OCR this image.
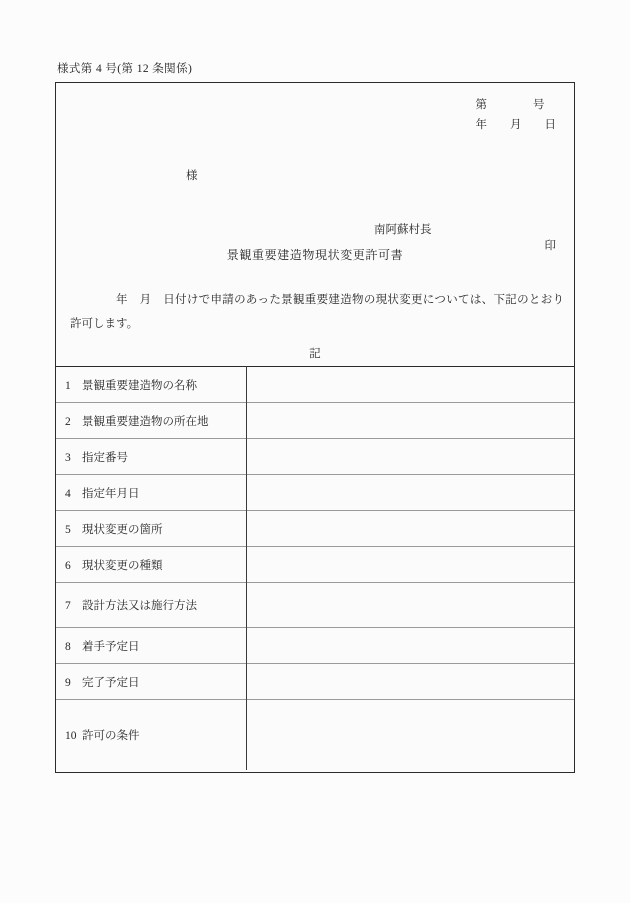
様式第 4 号(第 12 条関係)
第　　　　号
年　　月　　日
様

南阿蘇村長

印

景観重要建造物現状変更許可書
年　月　日付けで申請のあった景観重要建造物の現状変更については、下記のとおり許可します。
記
1 景観重要建造物の名称	
2 景観重要建造物の所在地	
3 指定番号	
4 指定年月日	
5 現状変更の箇所	
6 現状変更の種類	
7 設計方法又は施行方法	
8 着手予定日	
9 完了予定日	
10 許可の条件	
